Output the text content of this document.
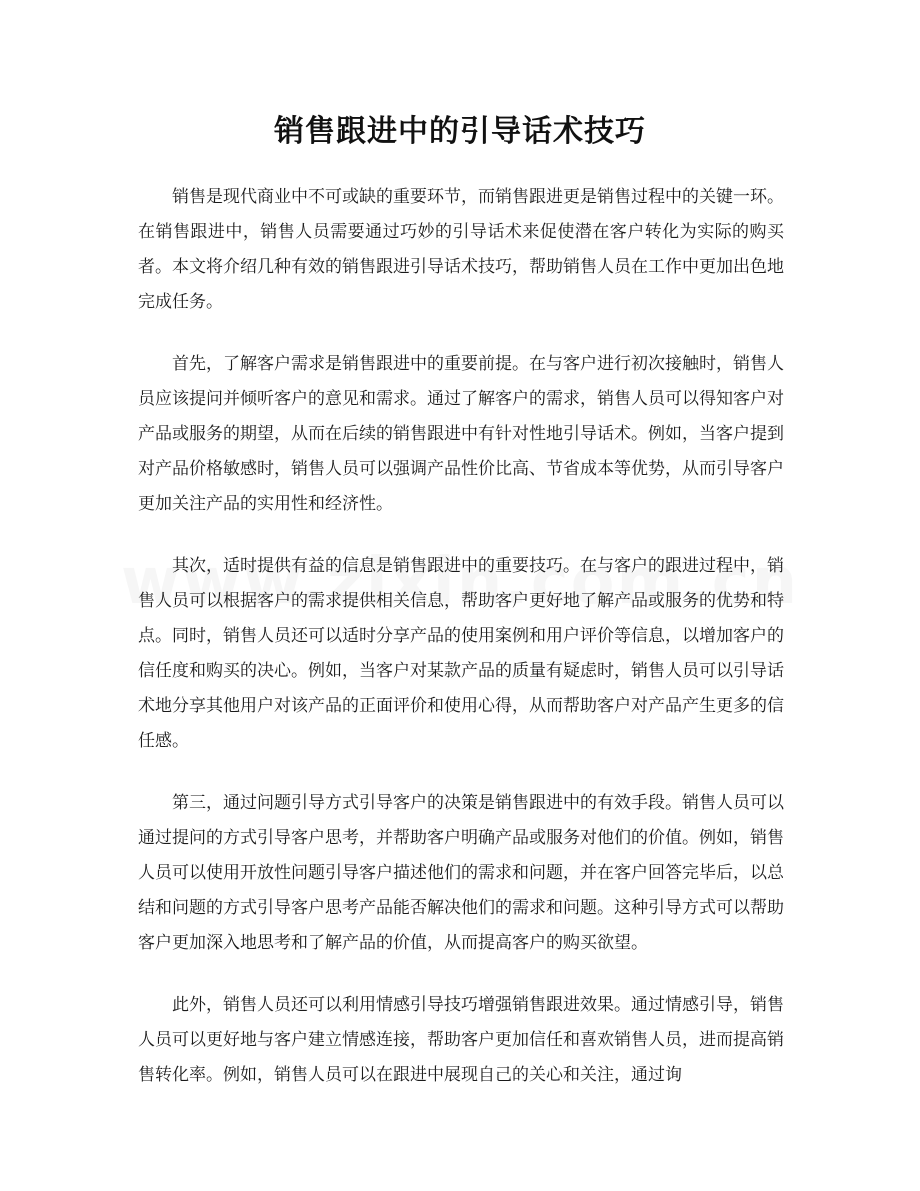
销售跟进中的引导话术技巧

销售是现代商业中不可或缺的重要环节，而销售跟进更是销售过程中的关键一环。在销售跟进中，销售人员需要通过巧妙的引导话术来促使潜在客户转化为实际的购买者。本文将介绍几种有效的销售跟进引导话术技巧，帮助销售人员在工作中更加出色地完成任务。

首先，了解客户需求是销售跟进中的重要前提。在与客户进行初次接触时，销售人员应该提问并倾听客户的意见和需求。通过了解客户的需求，销售人员可以得知客户对产品或服务的期望，从而在后续的销售跟进中有针对性地引导话术。例如，当客户提到对产品价格敏感时，销售人员可以强调产品性价比高、节省成本等优势，从而引导客户更加关注产品的实用性和经济性。

其次，适时提供有益的信息是销售跟进中的重要技巧。在与客户的跟进过程中，销售人员可以根据客户的需求提供相关信息，帮助客户更好地了解产品或服务的优势和特点。同时，销售人员还可以适时分享产品的使用案例和用户评价等信息，以增加客户的信任度和购买的决心。例如，当客户对某款产品的质量有疑虑时，销售人员可以引导话术地分享其他用户对该产品的正面评价和使用心得，从而帮助客户对产品产生更多的信任感。

第三，通过问题引导方式引导客户的决策是销售跟进中的有效手段。销售人员可以通过提问的方式引导客户思考，并帮助客户明确产品或服务对他们的价值。例如，销售人员可以使用开放性问题引导客户描述他们的需求和问题，并在客户回答完毕后，以总结和问题的方式引导客户思考产品能否解决他们的需求和问题。这种引导方式可以帮助客户更加深入地思考和了解产品的价值，从而提高客户的购买欲望。

此外，销售人员还可以利用情感引导技巧增强销售跟进效果。通过情感引导，销售人员可以更好地与客户建立情感连接，帮助客户更加信任和喜欢销售人员，进而提高销售转化率。例如，销售人员可以在跟进中展现自己的关心和关注，通过询
